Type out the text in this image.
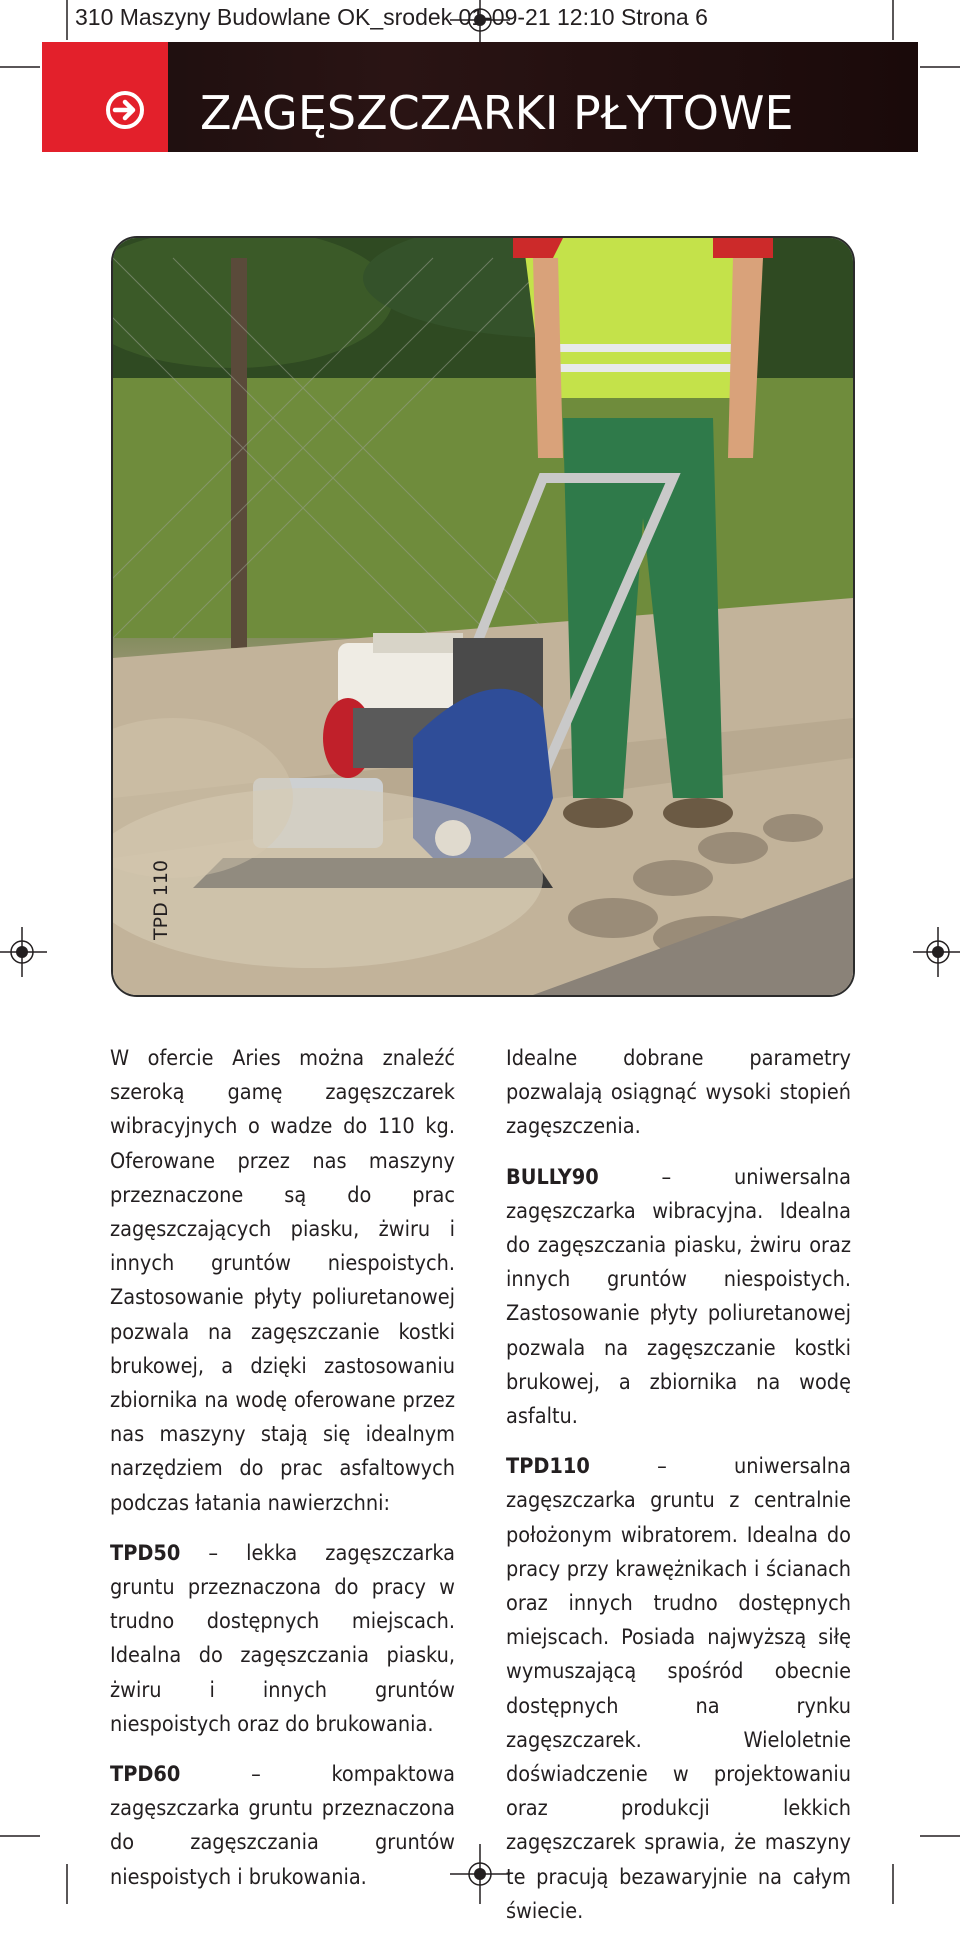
310 Maszyny Budowlane OK_srodek 01-09-21 12:10 Strona 6
ZAGĘSZCZARKI PŁYTOWE
TPD 110

W ofercie Aries można znaleźć szeroką gamę zagęszczarek wibracyjnych o wadze do 110 kg. Oferowane przez nas maszyny przeznaczone są do prac zagęszczających piasku, żwiru i innych gruntów niespoistych. Zastosowanie płyty poliuretanowej pozwala na zagęszczanie kostki brukowej, a dzięki zastosowaniu zbiornika na wodę oferowane przez nas maszyny stają się idealnym narzędziem do prac asfaltowych podczas łatania nawierzchni:

TPD50 – lekka zagęszczarka gruntu przeznaczona do pracy w trudno dostępnych miejscach. Idealna do zagęszczania piasku, żwiru i innych gruntów niespoistych oraz do brukowania.

TPD60 – kompaktowa zagęszczarka gruntu przeznaczona do zagęszczania gruntów niespoistych i brukowania.

Idealne dobrane parametry pozwalają osiągnąć wysoki stopień zagęszczenia.

BULLY90 – uniwersalna zagęszczarka wibracyjna. Idealna do zagęszczania piasku, żwiru oraz innych gruntów niespoistych. Zastosowanie płyty poliuretanowej pozwala na zagęszczanie kostki brukowej, a zbiornika na wodę asfaltu.

TPD110 – uniwersalna zagęszczarka gruntu z centralnie położonym wibratorem. Idealna do pracy przy krawężnikach i ścianach oraz innych trudno dostępnych miejscach. Posiada najwyższą siłę wymuszającą spośród obecnie dostępnych na rynku zagęszczarek. Wieloletnie doświadczenie w projektowaniu oraz produkcji lekkich zagęszczarek sprawia, że maszyny te pracują bezawaryjnie na całym świecie.
